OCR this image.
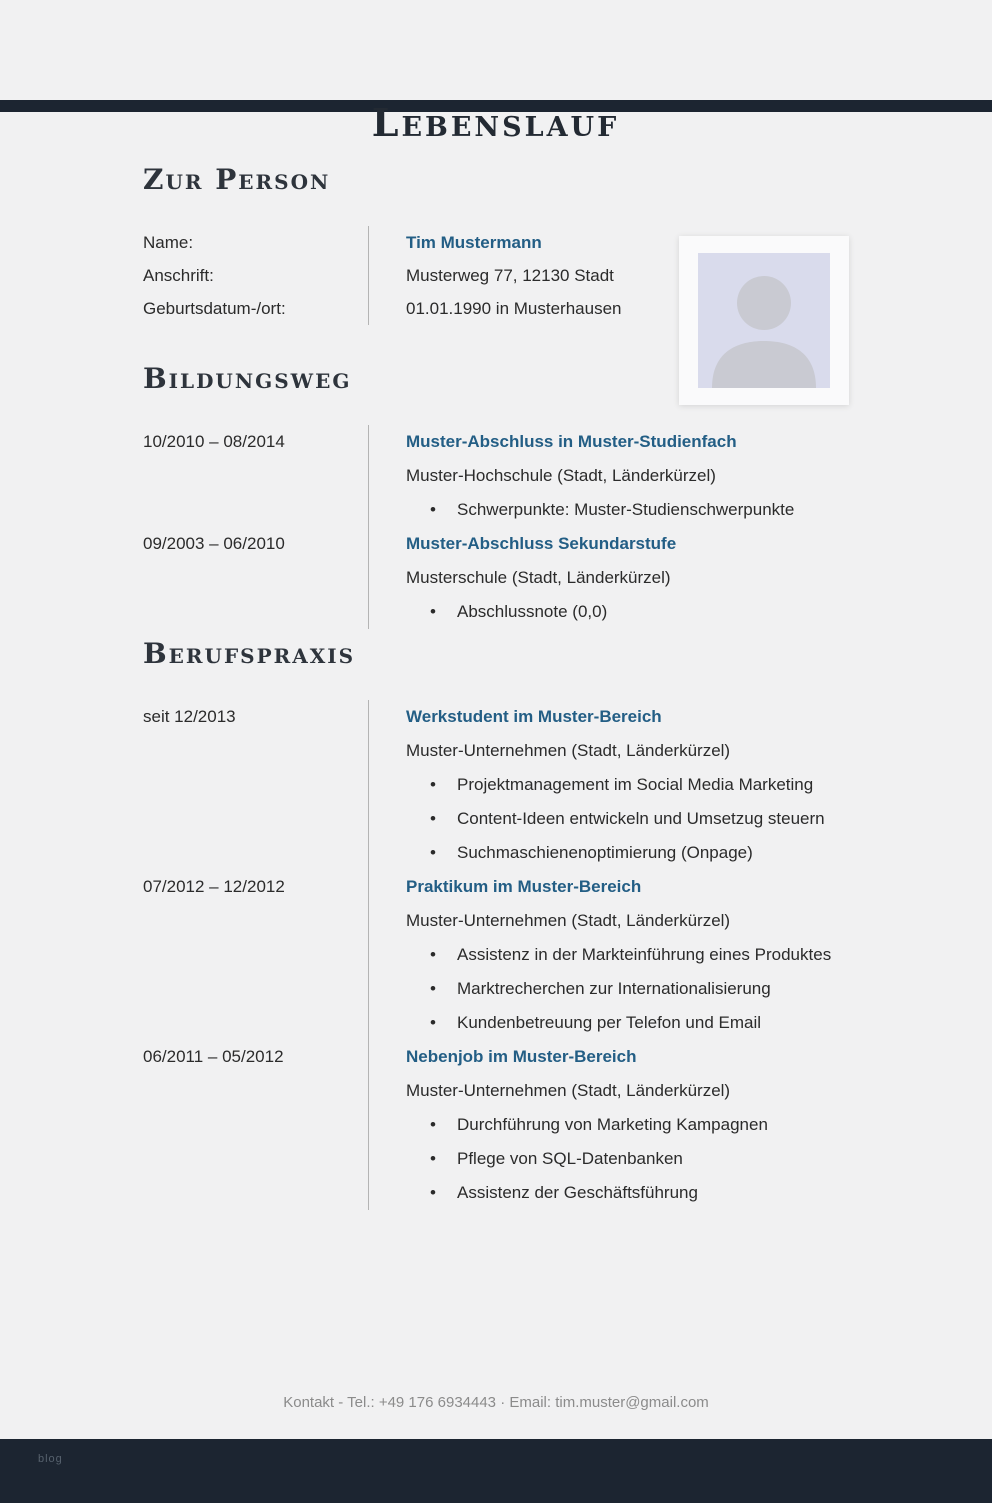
Lebenslauf
Zur Person
Name:	Tim Mustermann
Anschrift:	Musterweg 77, 12130 Stadt
Geburtsdatum-/ort:	01.01.1990 in Musterhausen
Bildungsweg
10/2010 – 08/2014	Muster-Abschluss in Muster-Studienfach
Muster-Hochschule (Stadt, Länderkürzel)
•	Schwerpunkte: Muster-Studienschwerpunkte
09/2003 – 06/2010	Muster-Abschluss Sekundarstufe
Musterschule (Stadt, Länderkürzel)
•	Abschlussnote (0,0)
Berufspraxis
seit 12/2013	Werkstudent im Muster-Bereich
Muster-Unternehmen (Stadt, Länderkürzel)
•	Projektmanagement im Social Media Marketing
•	Content-Ideen entwickeln und Umsetzug steuern
•	Suchmaschienenoptimierung (Onpage)
07/2012 – 12/2012	Praktikum im Muster-Bereich
Muster-Unternehmen (Stadt, Länderkürzel)
•	Assistenz in der Markteinführung eines Produktes
•	Marktrecherchen zur Internationalisierung
•	Kundenbetreuung per Telefon und Email
06/2011 – 05/2012	Nebenjob im Muster-Bereich
Muster-Unternehmen (Stadt, Länderkürzel)
•	Durchführung von Marketing Kampagnen
•	Pflege von SQL-Datenbanken
•	Assistenz der Geschäftsführung
Kontakt - Tel.: +49 176 6934443 · Email: tim.muster@gmail.com
blog
